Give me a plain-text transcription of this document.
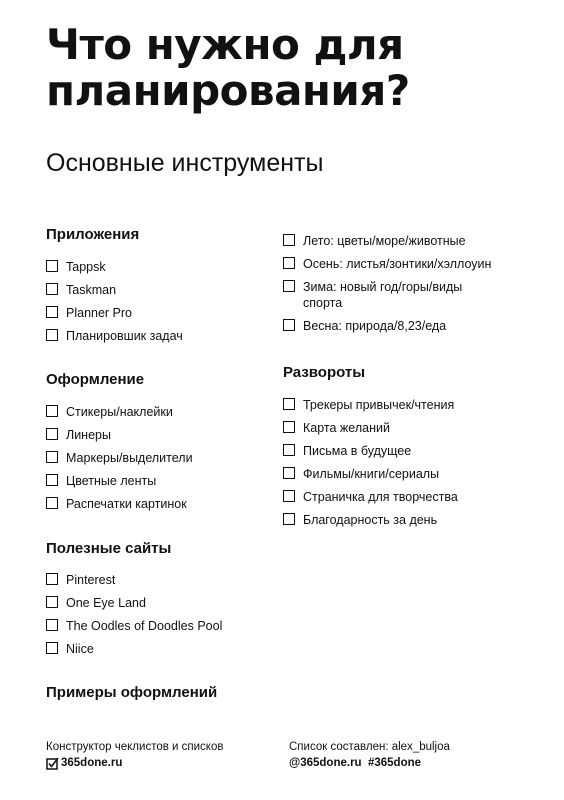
Что нужно для планирования?
Основные инструменты
Приложения
Tappsk
Taskman
Planner Pro
Планировшик задач
Оформление
Стикеры/наклейки
Линеры
Маркеры/выделители
Цветные ленты
Распечатки картинок
Полезные сайты
Pinterest
One Eye Land
The Oodles of Doodles Pool
Niice
Примеры оформлений
Лето: цветы/море/животные
Осень: листья/зонтики/хэллоуин
Зима: новый год/горы/виды спорта
Весна: природа/8,23/еда
Развороты
Трекеры привычек/чтения
Карта желаний
Письма в будущее
Фильмы/книги/сериалы
Страничка для творчества
Благодарность за день
Конструктор чеклистов и списков
365done.ru
Список составлен: alex_buljoa
@365done.ru  #365done
